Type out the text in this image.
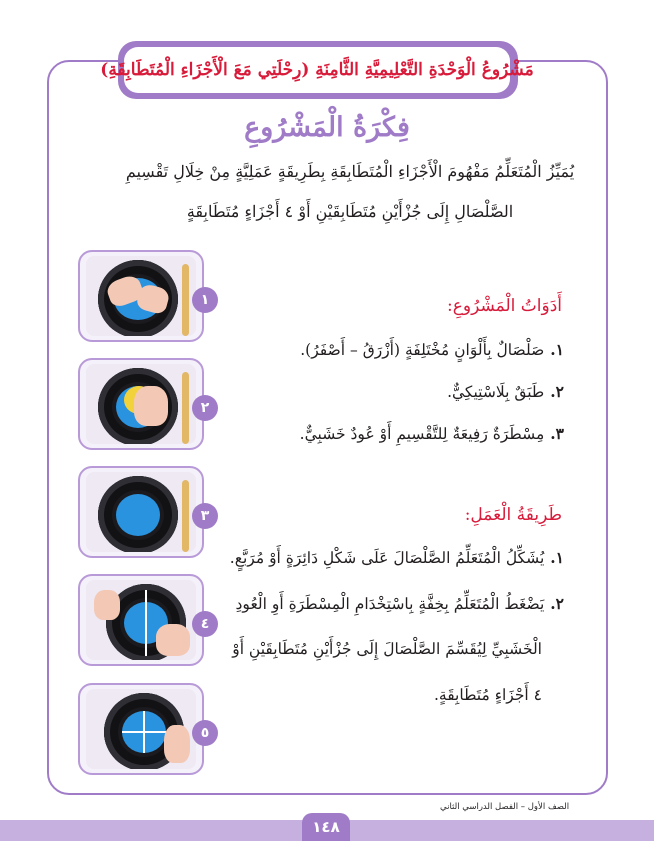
مَشْرُوعُ الْوَحْدَةِ التَّعْلِيمِيَّةِ الثَّامِنَةِ (رِحْلَتِي مَعَ الْأَجْزَاءِ الْمُتَطَابِقَةِ)
فِكْرَةُ الْمَشْرُوعِ
يُمَيِّزُ الْمُتَعَلِّمُ مَفْهُومَ الْأَجْزَاءِ الْمُتَطَابِقَةِ بِطَرِيقَةٍ عَمَلِيَّةٍ مِنْ خِلَالِ تَقْسِيمِ
الصَّلْصَالِ إِلَى جُزْأَيْنِ مُتَطَابِقَيْنِ أَوْ ٤ أَجْزَاءٍ مُتَطَابِقَةٍ
أَدَوَاتُ الْمَشْرُوعِ:
١.صَلْصَالٌ بِأَلْوَانٍ مُخْتَلِفَةٍ (أَزْرَقُ – أَصْفَرُ).
٢.طَبَقٌ بِلَاسْتِيكِيٌّ.
٣.مِسْطَرَةٌ رَفِيعَةٌ لِلتَّقْسِيمِ أَوْ عُودٌ خَشَبِيٌّ.
طَرِيقَةُ الْعَمَلِ:
١.يُشَكِّلُ الْمُتَعَلِّمُ الصَّلْصَالَ عَلَى شَكْلِ دَائِرَةٍ أَوْ مُرَبَّعٍ.
٢.يَضْغَطُ الْمُتَعَلِّمُ بِخِفَّةٍ بِاسْتِخْدَامِ الْمِسْطَرَةِ أَوِ الْعُودِ
الْخَشَبِيِّ لِيُقَسِّمَ الصَّلْصَالَ إِلَى جُزْأَيْنِ مُتَطَابِقَيْنِ أَوْ
٤ أَجْزَاءٍ مُتَطَابِقَةٍ.
١
٢
٣
٤
٥
الصف الأول – الفصل الدراسي الثاني
١٤٨
